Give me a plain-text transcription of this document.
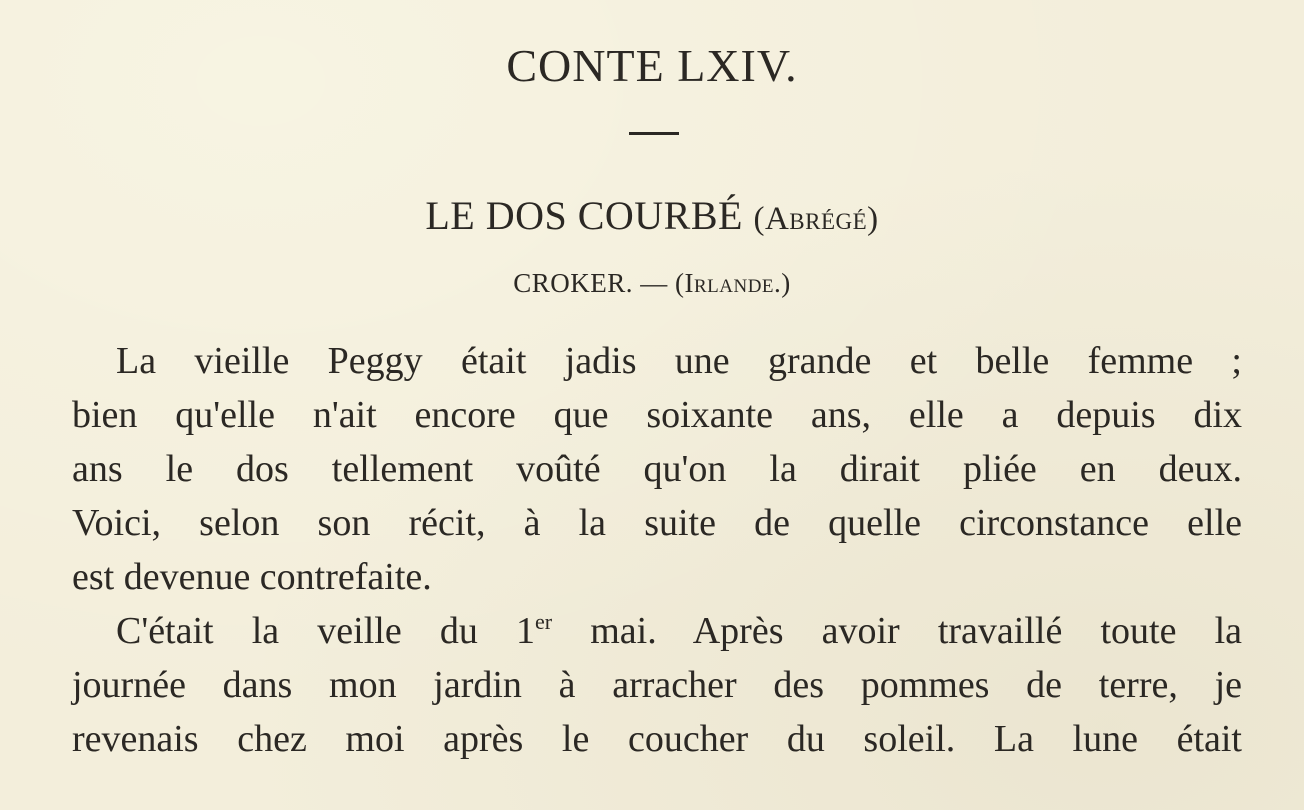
CONTE LXIV.
LE DOS COURBÉ (Abrégé)
CROKER. — (Irlande.)
La vieille Peggy était jadis une grande et belle femme ;
bien qu'elle n'ait encore que soixante ans, elle a depuis dix
ans le dos tellement voûté qu'on la dirait pliée en deux.
Voici, selon son récit, à la suite de quelle circonstance elle
est devenue contrefaite.
C'était la veille du 1er mai. Après avoir travaillé toute la
journée dans mon jardin à arracher des pommes de terre, je
revenais chez moi après le coucher du soleil. La lune était
